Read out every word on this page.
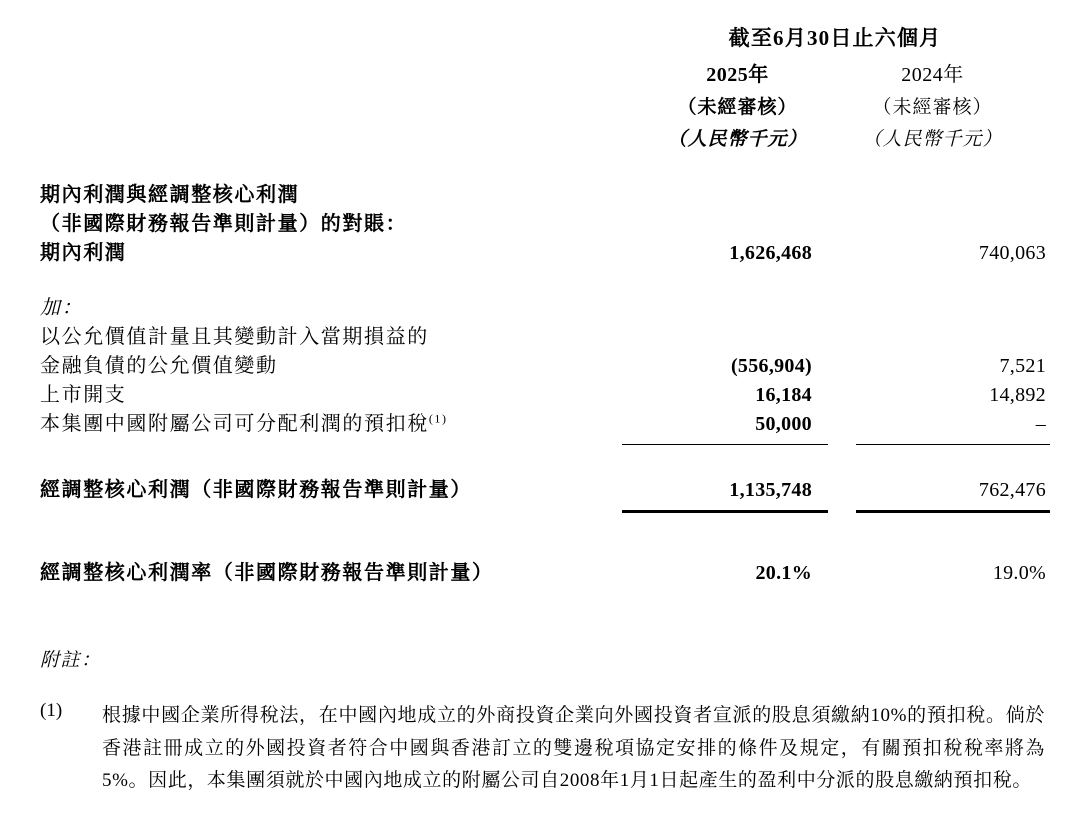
截至6月30日止六個月
2025年
（未經審核）
（人民幣千元）
2024年
（未經審核）
（人民幣千元）
期內利潤與經調整核心利潤			
（非國際財務報告準則計量）的對賬：			
期內利潤	1,626,468		740,063

加：			
以公允價值計量且其變動計入當期損益的			
金融負債的公允價值變動	(556,904)		7,521
上市開支	16,184		14,892
本集團中國附屬公司可分配利潤的預扣稅$^{(1)}$	50,000		–

經調整核心利潤（非國際財務報告準則計量）	1,135,748		762,476

經調整核心利潤率（非國際財務報告準則計量）	20.1%		19.0%
附註：
(1)	根據中國企業所得稅法，在中國內地成立的外商投資企業向外國投資者宣派的股息須繳納10%的預扣稅。倘於香港註冊成立的外國投資者符合中國與香港訂立的雙邊稅項協定安排的條件及規定，有關預扣稅稅率將為5%。因此，本集團須就於中國內地成立的附屬公司自2008年1月1日起產生的盈利中分派的股息繳納預扣稅。
